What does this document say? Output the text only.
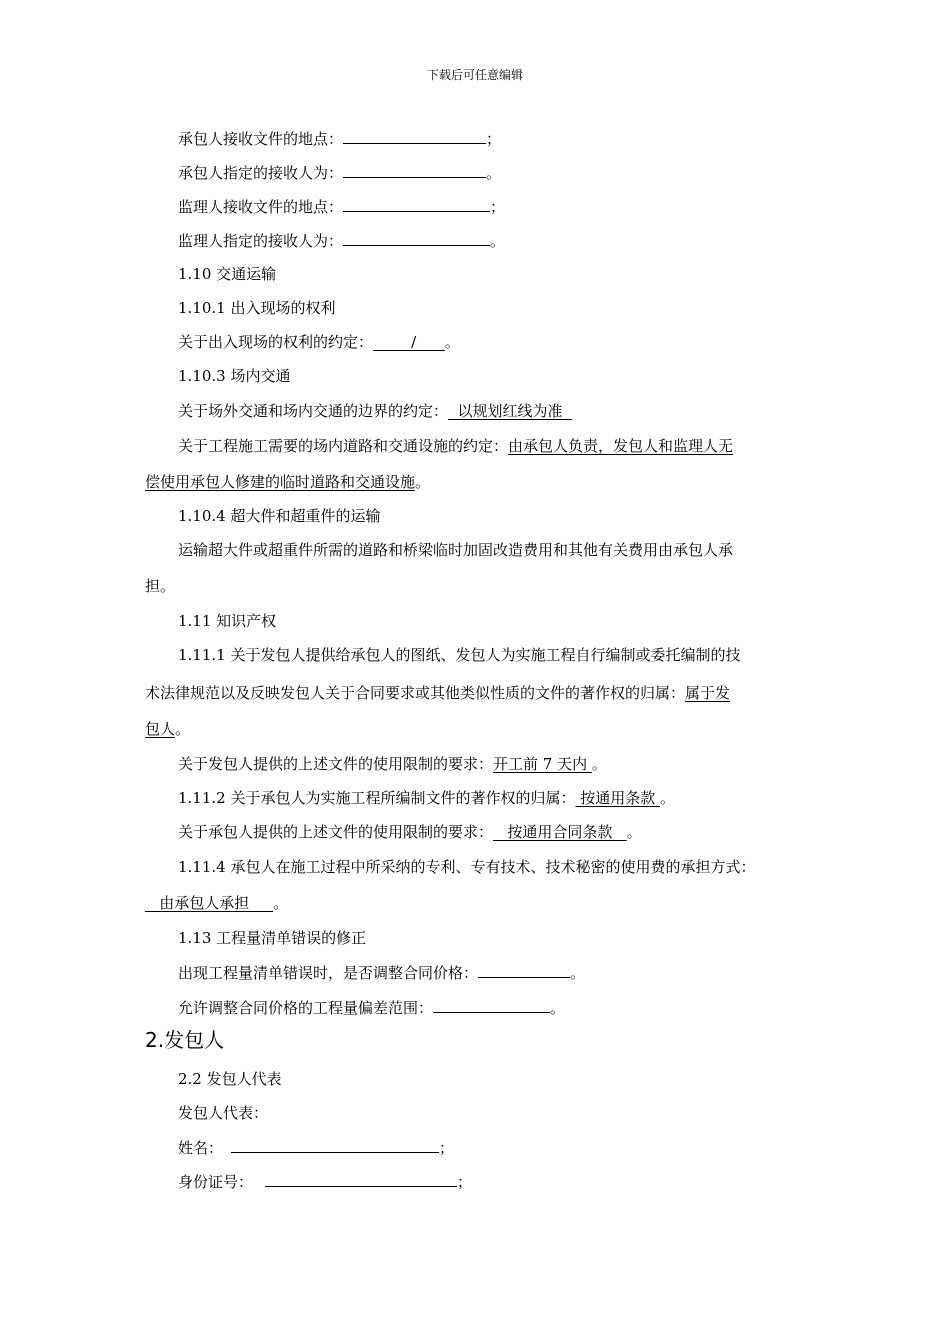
下载后可任意编辑
承包人接收文件的地点：	；
承包人指定的接收人为：	。
监理人接收文件的地点：	；
监理人指定的接收人为：	。
1.10 交通运输
1.10.1 出入现场的权利
关于出入现场的权利的约定：        /      。
1.10.3 场内交通
关于场外交通和场内交通的边界的约定：  以规划红线为准
关于工程施工需要的场内道路和交通设施的约定：由承包人负责，发包人和监理人无
偿使用承包人修建的临时道路和交通设施。
1.10.4 超大件和超重件的运输
运输超大件或超重件所需的道路和桥梁临时加固改造费用和其他有关费用由承包人承
担。
1.11 知识产权
1.11.1 关于发包人提供给承包人的图纸、发包人为实施工程自行编制或委托编制的技
术法律规范以及反映发包人关于合同要求或其他类似性质的文件的著作权的归属：属于发
包人。
关于发包人提供的上述文件的使用限制的要求：开工前 7 天内 。
1.11.2 关于承包人为实施工程所编制文件的著作权的归属： 按通用条款 。
关于承包人提供的上述文件的使用限制的要求：   按通用合同条款   。
1.11.4 承包人在施工过程中所采纳的专利、专有技术、技术秘密的使用费的承担方式：
由承包人承担     。
1.13 工程量清单错误的修正
出现工程量清单错误时，是否调整合同价格：	。
允许调整合同价格的工程量偏差范围：	。
2.发包人
2.2 发包人代表
发包人代表：
姓名：	；
身份证号：	；
